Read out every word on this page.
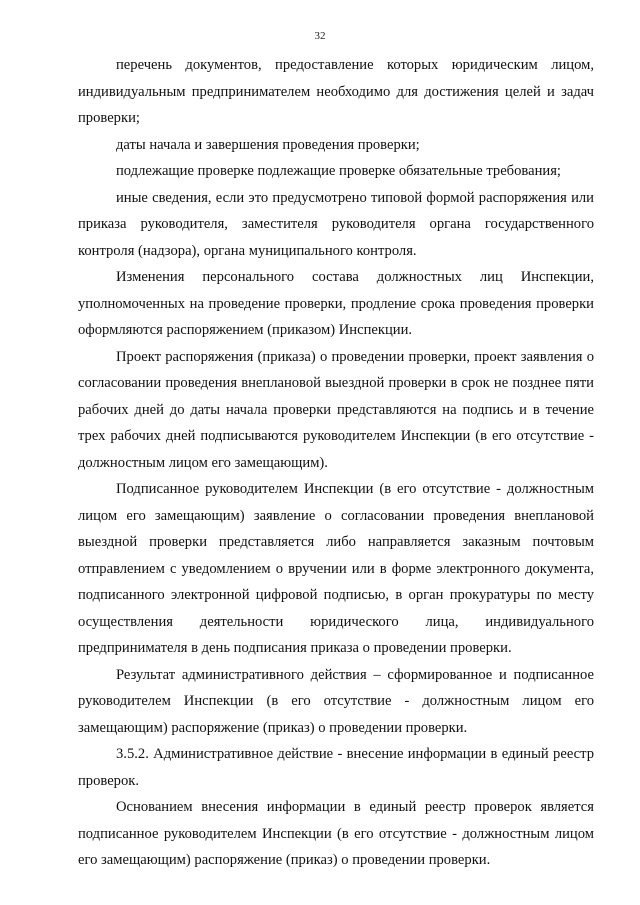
32

перечень документов, предоставление которых юридическим лицом, индивидуальным предпринимателем необходимо для достижения целей и задач проверки;

даты начала и завершения проведения проверки;

подлежащие проверке подлежащие проверке обязательные требования;

иные сведения, если это предусмотрено типовой формой распоряжения или приказа руководителя, заместителя руководителя органа государственного контроля (надзора), органа муниципального контроля.

Изменения персонального состава должностных лиц Инспекции, уполномоченных на проведение проверки, продление срока проведения проверки оформляются распоряжением (приказом) Инспекции.

Проект распоряжения (приказа) о проведении проверки, проект заявления о согласовании проведения внеплановой выездной проверки в срок не позднее пяти рабочих дней до даты начала проверки представляются на подпись и в течение трех рабочих дней подписываются руководителем Инспекции (в его отсутствие - должностным лицом его замещающим).

Подписанное руководителем Инспекции (в его отсутствие - должностным лицом его замещающим) заявление о согласовании проведения внеплановой выездной проверки представляется либо направляется заказным почтовым отправлением с уведомлением о вручении или в форме электронного документа, подписанного электронной цифровой подписью, в орган прокуратуры по месту осуществления деятельности юридического лица, индивидуального предпринимателя в день подписания приказа о проведении проверки.

Результат административного действия – сформированное и подписанное руководителем Инспекции (в его отсутствие - должностным лицом его замещающим) распоряжение (приказ) о проведении проверки.

3.5.2. Административное действие - внесение информации в единый реестр проверок.

Основанием внесения информации в единый реестр проверок является подписанное руководителем Инспекции (в его отсутствие - должностным лицом его замещающим) распоряжение (приказ) о проведении проверки.
